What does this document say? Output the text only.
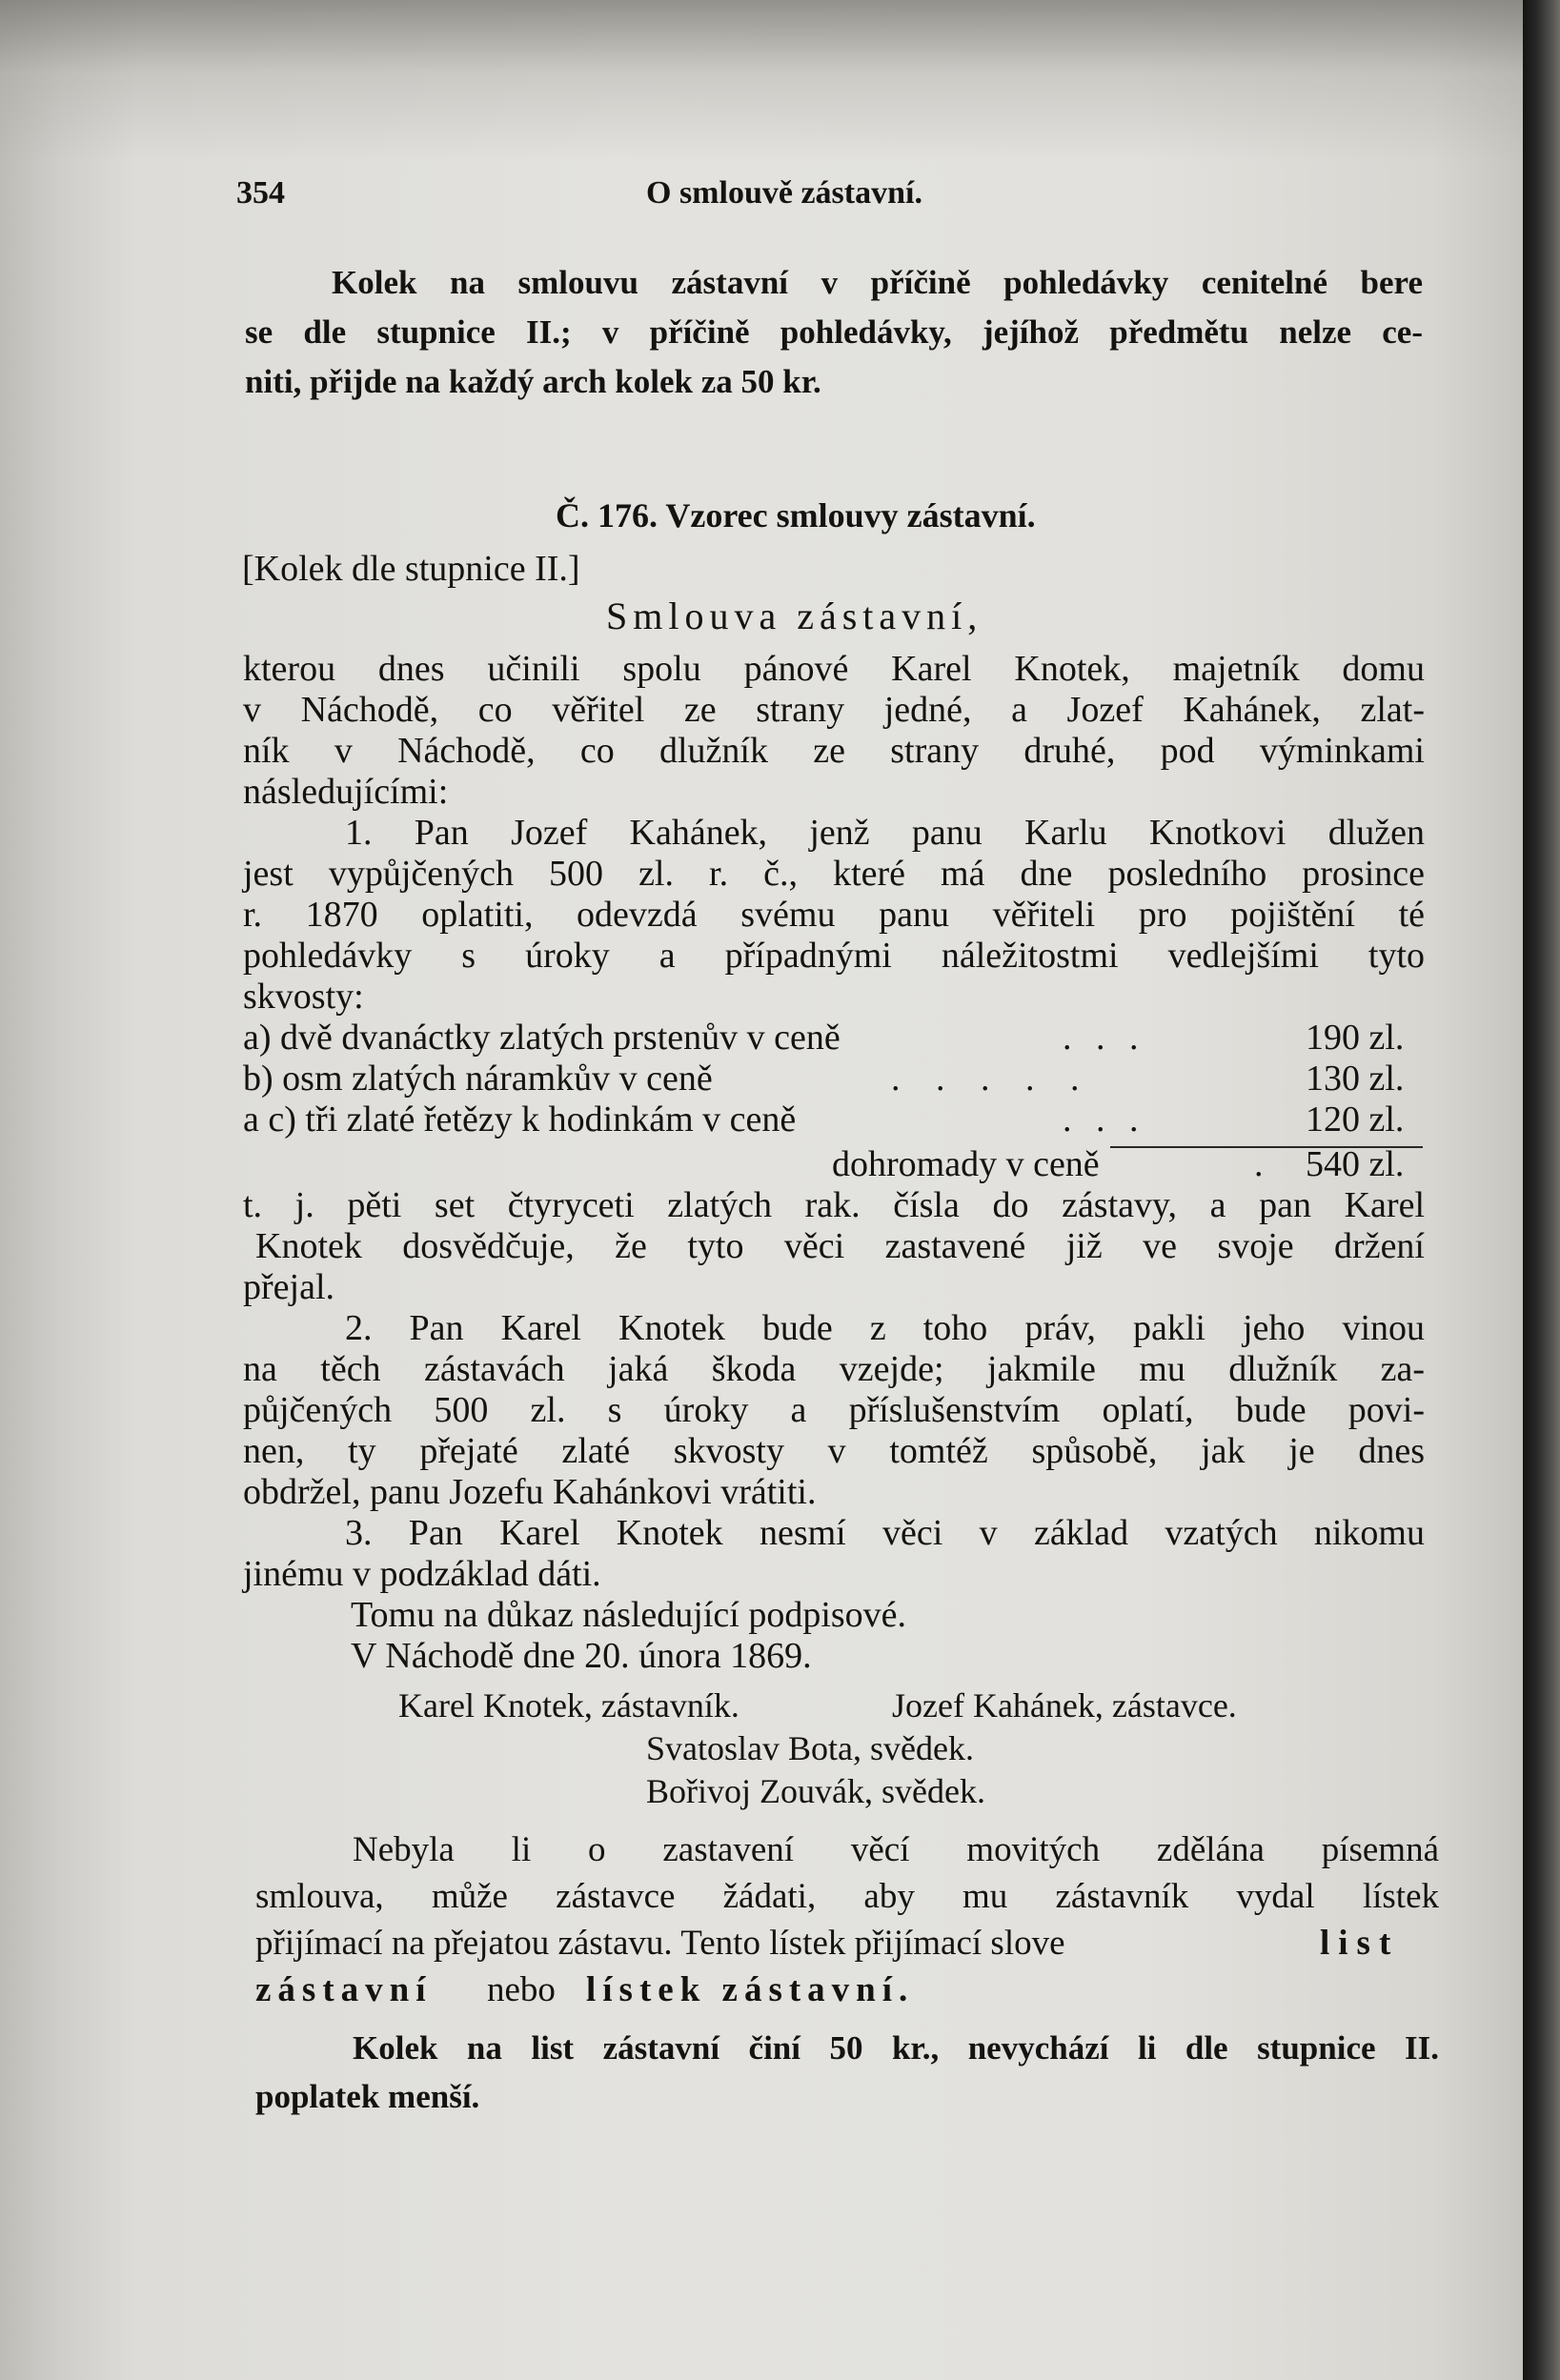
354	O smlouvě zástavní.
Kolek na smlouvu zástavní v příčině pohledávky cenitelné bere
se dle stupnice II.; v příčině pohledávky, jejíhož předmětu nelze ce-
niti, přijde na každý arch kolek za 50 kr.
Č. 176. Vzorec smlouvy zástavní.
[Kolek dle stupnice II.]
Smlouva zástavní,
kterou dnes učinili spolu pánové Karel Knotek, majetník domu
v Náchodě, co věřitel ze strany jedné, a Jozef Kahánek, zlat-
ník v Náchodě, co dlužník ze strany druhé, pod výminkami
následujícími:
1. Pan Jozef Kahánek, jenž panu Karlu Knotkovi dlužen
jest vypůjčených 500 zl. r. č., které má dne posledního prosince
r. 1870 oplatiti, odevzdá svému panu věřiteli pro pojištění té
pohledávky s úroky a případnými náležitostmi vedlejšími tyto
skvosty:
a) dvě dvanáctky zlatých prstenův v ceně	. . .	190 zl.
b) osm zlatých náramkův v ceně	. . . . .	130 zl.
a c) tři zlaté řetězy k hodinkám v ceně	. . .	120 zl.
dohromady v ceně	. 540 zl.
t. j. pěti set čtyryceti zlatých rak. čísla do zástavy, a pan Karel
Knotek dosvědčuje, že tyto věci zastavené již ve svoje držení
přejal.
2. Pan Karel Knotek bude z toho práv, pakli jeho vinou
na těch zástavách jaká škoda vzejde; jakmile mu dlužník za-
půjčených 500 zl. s úroky a příslušenstvím oplatí, bude povi-
nen, ty přejaté zlaté skvosty v tomtéž spůsobě, jak je dnes
obdržel, panu Jozefu Kahánkovi vrátiti.
3. Pan Karel Knotek nesmí věci v základ vzatých nikomu
jinému v podzáklad dáti.
Tomu na důkaz následující podpisové.
V Náchodě dne 20. února 1869.
Karel Knotek, zástavník.	Jozef Kahánek, zástavce.
Svatoslav Bota, svědek.
Bořivoj Zouvák, svědek.
Nebyla li o zastavení věcí movitých zdělána písemná
smlouva, může zástavce žádati, aby mu zástavník vydal lístek
přijímací na přejatou zástavu. Tento lístek přijímací slove	list
zástavní nebo lístek zástavní.
Kolek na list zástavní činí 50 kr., nevychází li dle stupnice II.
poplatek menší.
